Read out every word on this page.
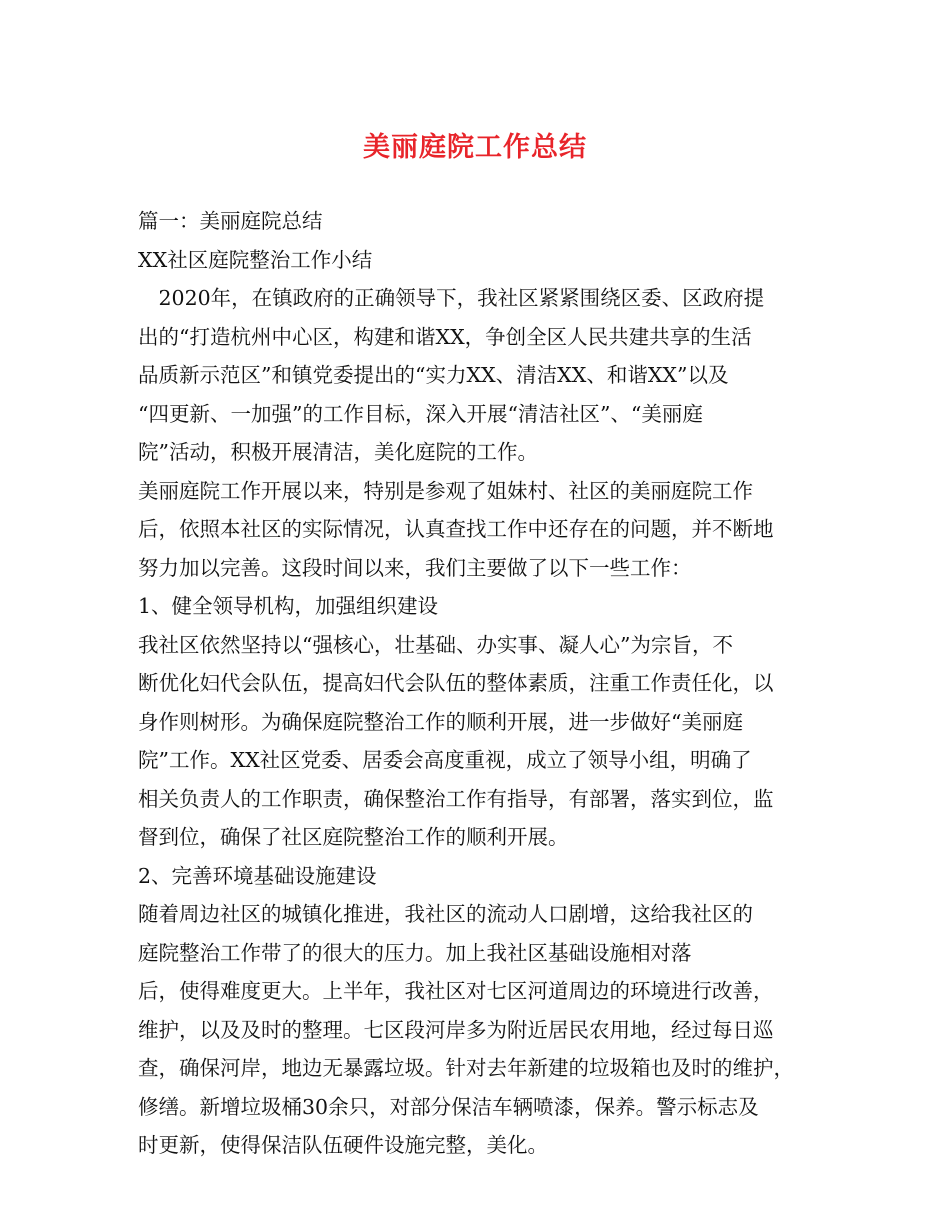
美丽庭院工作总结
篇一：美丽庭院总结
XX社区庭院整治工作小结
　2020年，在镇政府的正确领导下，我社区紧紧围绕区委、区政府提
出的“打造杭州中心区，构建和谐XX，争创全区人民共建共享的生活
品质新示范区”和镇党委提出的“实力XX、清洁XX、和谐XX”以及
“四更新、一加强”的工作目标，深入开展“清洁社区”、“美丽庭
院”活动，积极开展清洁，美化庭院的工作。
美丽庭院工作开展以来，特别是参观了姐妹村、社区的美丽庭院工作
后，依照本社区的实际情况，认真查找工作中还存在的问题，并不断地
努力加以完善。这段时间以来，我们主要做了以下一些工作：
1、健全领导机构，加强组织建设
我社区依然坚持以“强核心，壮基础、办实事、凝人心”为宗旨，不
断优化妇代会队伍，提高妇代会队伍的整体素质，注重工作责任化，以
身作则树形。为确保庭院整治工作的顺利开展，进一步做好“美丽庭
院”工作。XX社区党委、居委会高度重视，成立了领导小组，明确了
相关负责人的工作职责，确保整治工作有指导，有部署，落实到位，监
督到位，确保了社区庭院整治工作的顺利开展。
2、完善环境基础设施建设
随着周边社区的城镇化推进，我社区的流动人口剧增，这给我社区的
庭院整治工作带了的很大的压力。加上我社区基础设施相对落
后，使得难度更大。上半年，我社区对七区河道周边的环境进行改善，
维护，以及及时的整理。七区段河岸多为附近居民农用地，经过每日巡
查，确保河岸，地边无暴露垃圾。针对去年新建的垃圾箱也及时的维护，
修缮。新增垃圾桶30余只，对部分保洁车辆喷漆，保养。警示标志及
时更新，使得保洁队伍硬件设施完整，美化。
